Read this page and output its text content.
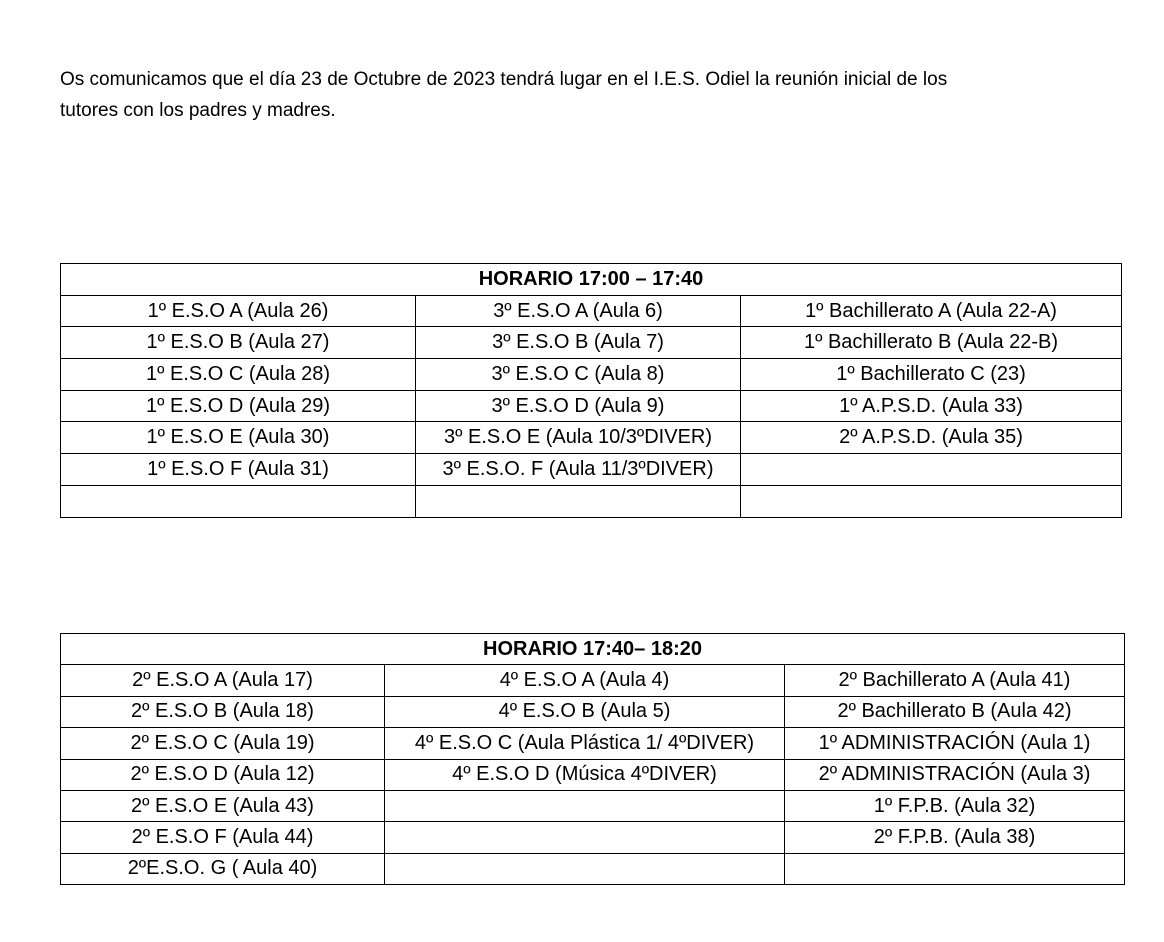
Os comunicamos que el día 23 de Octubre de 2023 tendrá lugar en el I.E.S. Odiel la reunión inicial de los
tutores con los padres y madres.

HORARIO 17:00 – 17:40		
1º E.S.O A (Aula 26)	3º E.S.O A (Aula 6)	1º Bachillerato A (Aula 22-A)
1º E.S.O B (Aula 27)	3º E.S.O B (Aula 7)	1º Bachillerato B (Aula 22-B)
1º E.S.O C (Aula 28)	3º E.S.O C (Aula 8)	1º Bachillerato C (23)
1º E.S.O D (Aula 29)	3º E.S.O D (Aula 9)	1º A.P.S.D. (Aula 33)
1º E.S.O E (Aula 30)	3º E.S.O E (Aula 10/3ºDIVER)	2º A.P.S.D. (Aula 35)
1º E.S.O F (Aula 31)	3º E.S.O. F (Aula 11/3ºDIVER)	

HORARIO 17:40– 18:20		
2º E.S.O A (Aula 17)	4º E.S.O A (Aula 4)	2º Bachillerato A (Aula 41)
2º E.S.O B (Aula 18)	4º E.S.O B (Aula 5)	2º Bachillerato B (Aula 42)
2º E.S.O C (Aula 19)	4º E.S.O C (Aula Plástica 1/ 4ºDIVER)	1º ADMINISTRACIÓN (Aula 1)
2º E.S.O D (Aula 12)	4º E.S.O D (Música 4ºDIVER)	2º ADMINISTRACIÓN (Aula 3)
2º E.S.O E (Aula 43)		1º F.P.B. (Aula 32)
2º E.S.O F (Aula 44)		2º F.P.B. (Aula 38)
2ºE.S.O. G ( Aula 40)		
